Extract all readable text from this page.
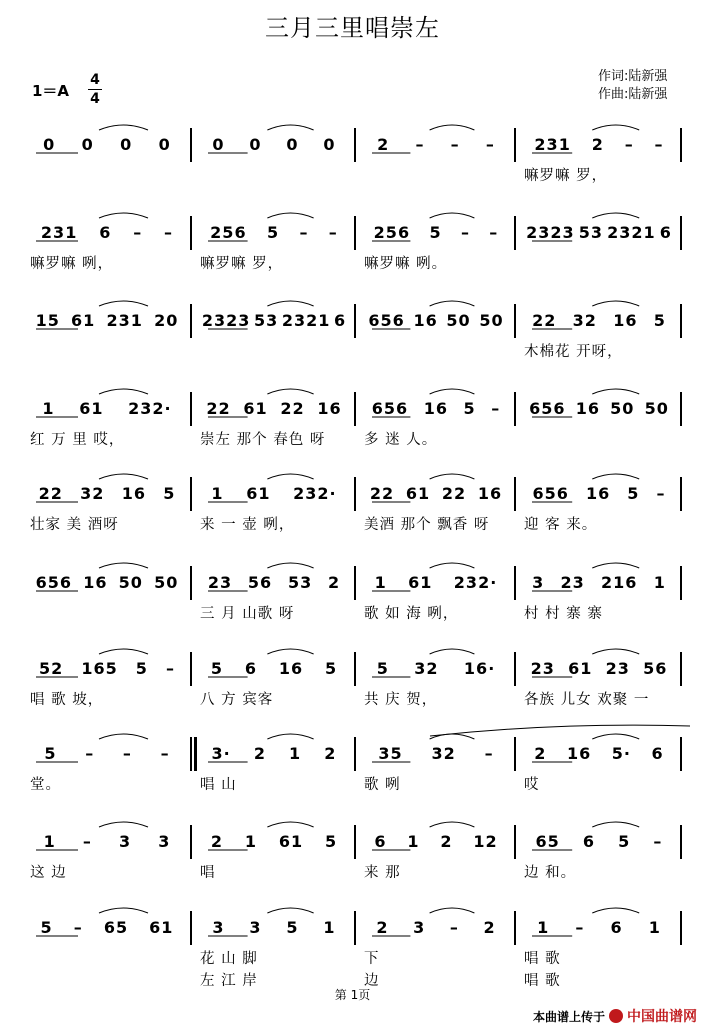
三月三里唱崇左
1＝A
4
4
作词:陆新强
作曲:陆新强
0 0 0 0	0 0 0 0	2 – – – 231 2 – –
嘛罗嘛 罗，
231 6 – –
嘛罗嘛 咧，
256 5 – –
嘛罗嘛 罗，
256 5 – –
嘛罗嘛 咧。
2323 53 2321 6
15 61 231 20 2323 53 2321 6 656 16 50 50 22 32 16 5
木棉花 开呀，
1 61 232·
红 万 里 哎，
22 61 22 16
崇左 那个 春色 呀
656 16 5 –
多 迷 人。
656 16 50 50
22 32 16 5
壮家 美 酒呀
1 61 232·
来 一 壶 咧，
22 61 22 16
美酒 那个 飘香 呀
656 16 5 –
迎 客 来。
656 16 50 50 23 56 53 2
三 月 山歌 呀
1 61 232·
歌 如 海 咧，
3 23 216 1
村 村 寨 寨
52 165 5 –
唱 歌 坡，
5 6 16 5
八 方 宾客
5 32 16·
共 庆 贺，
23 61 23 56
各族 儿女 欢聚 一
5 – – –
堂。
3· 2 1 2
唱 山
35 32 –
歌 咧
2 16 5· 6
哎
1 – 3 3
这 边
2 1 61 5
唱
6 1 2 12
来 那
65 6 5 –
边 和。
5 – 65 61 3 3 5 1
花 山 脚
左 江 岸
2 3 – 2
下
边
1 – 6 1
唱 歌
唱 歌
第 1页
本曲谱上传于 中国曲谱网
